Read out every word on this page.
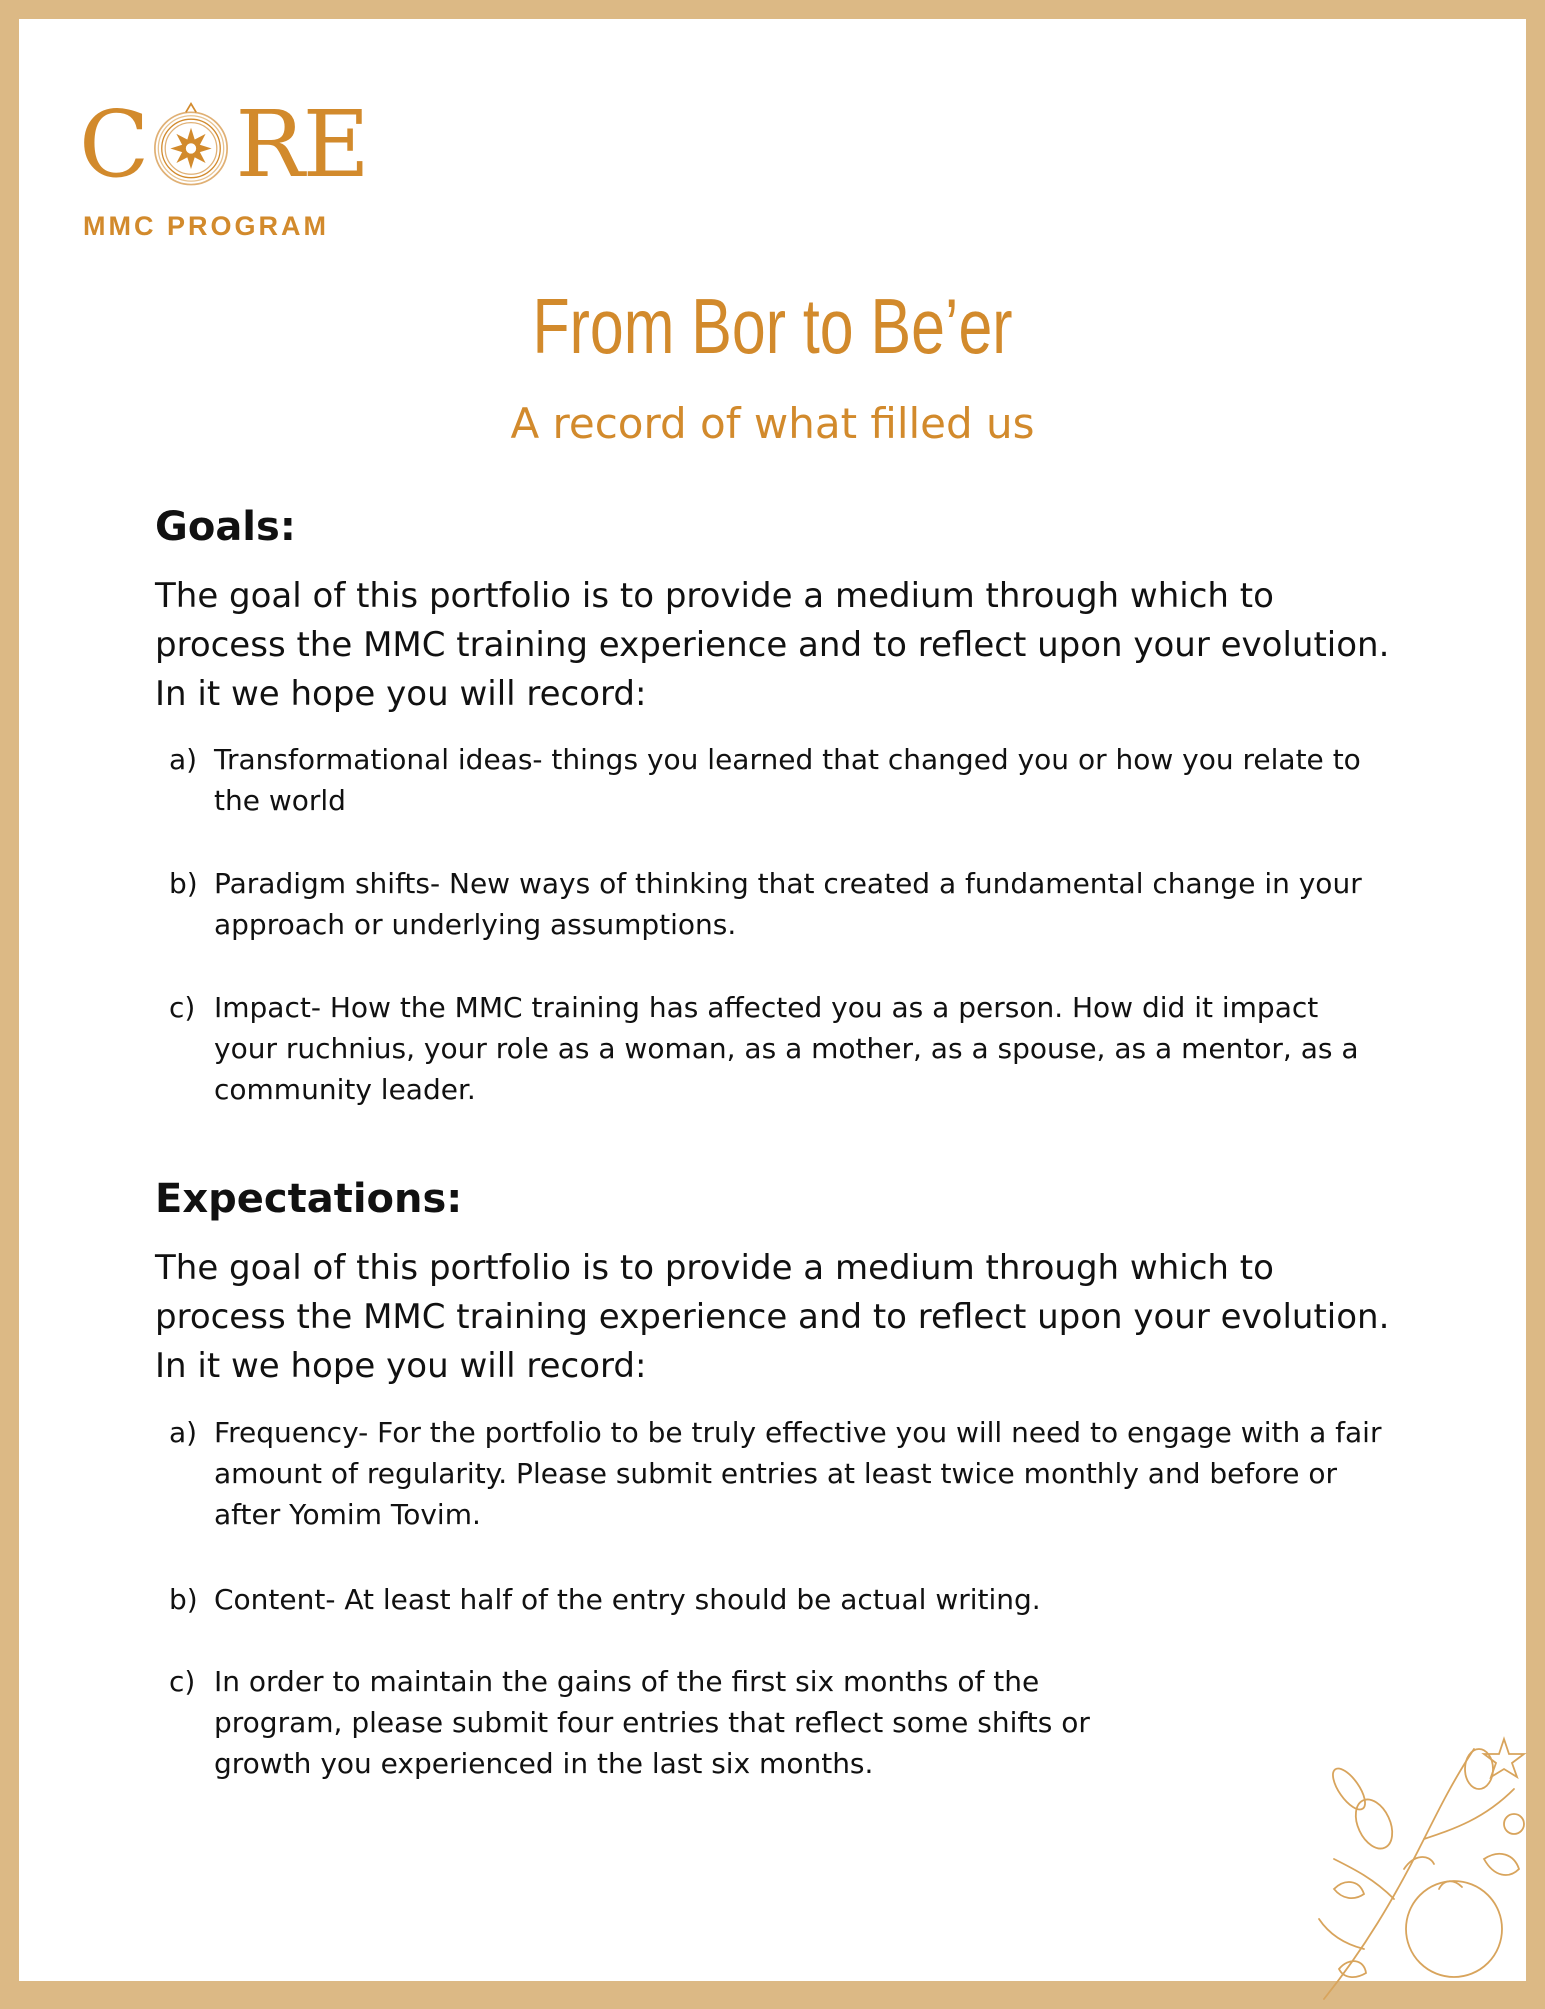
C RE
MMC PROGRAM
From Bor to Be’er
A record of what filled us
Goals:
The goal of this portfolio is to provide a medium through which to process the MMC training experience and to reflect upon your evolution. In it we hope you will record:
a) Transformational ideas- things you learned that changed you or how you relate to the world
b) Paradigm shifts- New ways of thinking that created a fundamental change in your approach or underlying assumptions.
c) Impact- How the MMC training has affected you as a person. How did it impact your ruchnius, your role as a woman, as a mother, as a spouse, as a mentor, as a community leader.
Expectations:
The goal of this portfolio is to provide a medium through which to process the MMC training experience and to reflect upon your evolution. In it we hope you will record:
a) Frequency- For the portfolio to be truly effective you will need to engage with a fair amount of regularity. Please submit entries at least twice monthly and before or after Yomim Tovim.
b) Content- At least half of the entry should be actual writing.
c) In order to maintain the gains of the first six months of the program, please submit four entries that reflect some shifts or growth you experienced in the last six months.
